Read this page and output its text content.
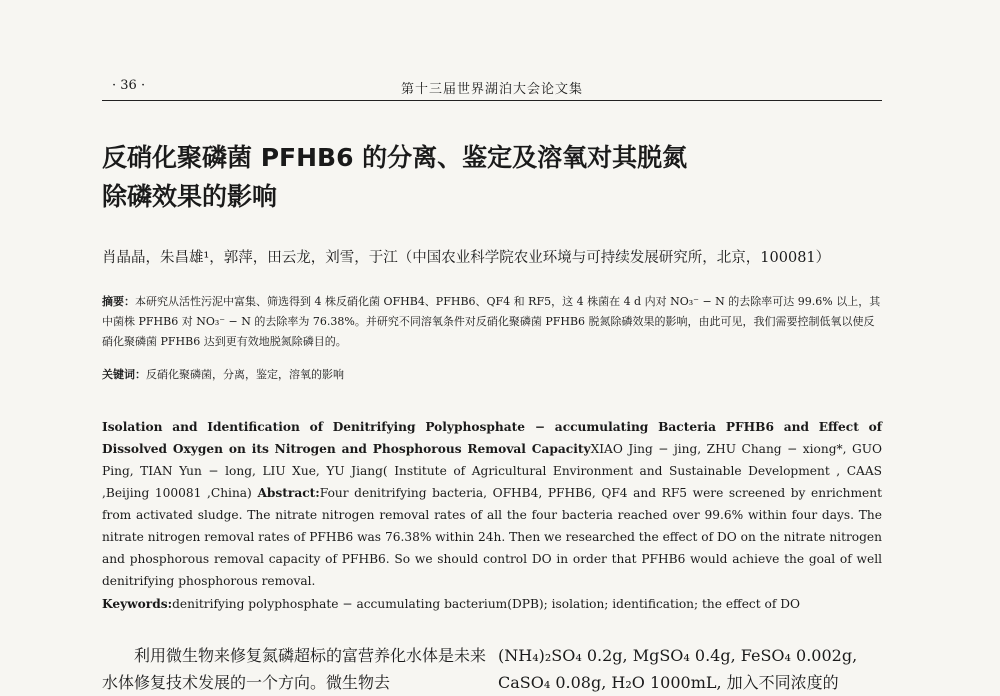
第十三届世界湖泊大会论文集
· 36 ·
反硝化聚磷菌 PFHB6 的分离、鉴定及溶氧对其脱氮
除磷效果的影响
肖晶晶，朱昌雄¹，郭萍，田云龙，刘雪，于江（中国农业科学院农业环境与可持续发展研究所，北京，100081）

摘要：本研究从活性污泥中富集、筛选得到 4 株反硝化菌 OFHB4、PFHB6、QF4 和 RF5，这 4 株菌在 4 d 内对 NO₃⁻ − N 的去除率可达 99.6% 以上，其中菌株 PFHB6 对 NO₃⁻ − N 的去除率为 76.38%。并研究不同溶氧条件对反硝化聚磷菌 PFHB6 脱氮除磷效果的影响，由此可见，我们需要控制低氧以使反硝化聚磷菌 PFHB6 达到更有效地脱氮除磷目的。

关键词：反硝化聚磷菌，分离，鉴定，溶氧的影响

Isolation and Identification of Denitrifying Polyphosphate − accumulating Bacteria PFHB6 and Effect of Dissolved Oxygen on its Nitrogen and Phosphorous Removal CapacityXIAO Jing − jing, ZHU Chang − xiong*, GUO Ping, TIAN Yun − long, LIU Xue, YU Jiang( Institute of Agricultural Environment and Sustainable Development , CAAS ,Beijing 100081 ,China) Abstract:Four denitrifying bacteria, OFHB4, PFHB6, QF4 and RF5 were screened by enrichment from activated sludge. The nitrate nitrogen removal rates of all the four bacteria reached over 99.6% within four days. The nitrate nitrogen removal rates of PFHB6 was 76.38% within 24h. Then we researched the effect of DO on the nitrate nitrogen and phosphorous removal capacity of PFHB6. So we should control DO in order that PFHB6 would achieve the goal of well denitrifying phosphorous removal.

Keywords:denitrifying polyphosphate − accumulating bacterium(DPB); isolation; identification; the effect of DO

利用微生物来修复氮磷超标的富营养化水体是未来水体修复技术发展的一个方向。微生物去

(NH₄)₂SO₄ 0.2g, MgSO₄ 0.4g, FeSO₄ 0.002g, CaSO₄ 0.08g, H₂O 1000mL, 加入不同浓度的
